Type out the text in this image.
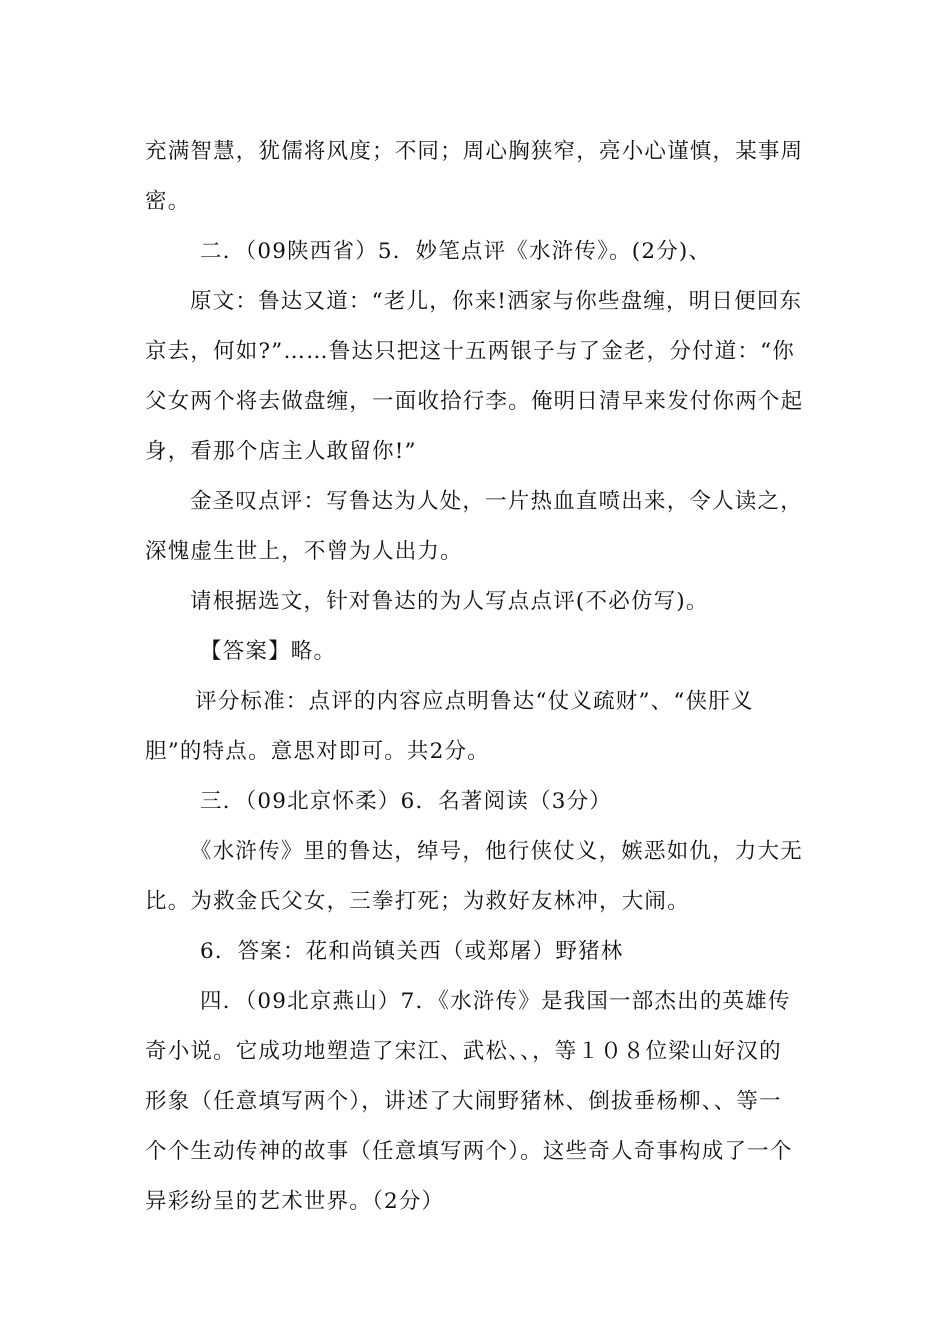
充满智慧，犹儒将风度；不同；周心胸狭窄，亮小心谨慎，某事周
密。
二．（09陕西省）5．妙笔点评《水浒传》。(2分)、
原文：鲁达又道：“老儿，你来!洒家与你些盘缠，明日便回东
京去，何如?”……鲁达只把这十五两银子与了金老，分付道：“你
父女两个将去做盘缠，一面收拾行李。俺明日清早来发付你两个起
身，看那个店主人敢留你!”
金圣叹点评：写鲁达为人处，一片热血直喷出来，令人读之，
深愧虚生世上，不曾为人出力。
请根据选文，针对鲁达的为人写点点评(不必仿写)。
【答案】略。
评分标准：点评的内容应点明鲁达“仗义疏财”、“侠肝义
胆”的特点。意思对即可。共2分。
三．（09北京怀柔）6．名著阅读（3分）
《水浒传》里的鲁达，绰号，他行侠仗义，嫉恶如仇，力大无
比。为救金氏父女，三拳打死；为救好友林冲，大闹。
6．答案：花和尚镇关西（或郑屠）野猪林
四．（09北京燕山）7．《水浒传》是我国一部杰出的英雄传
奇小说。它成功地塑造了宋江、武松、、，等１０８位梁山好汉的
形象（任意填写两个），讲述了大闹野猪林、倒拔垂杨柳、、等一
个个生动传神的故事（任意填写两个）。这些奇人奇事构成了一个
异彩纷呈的艺术世界。（2分）
